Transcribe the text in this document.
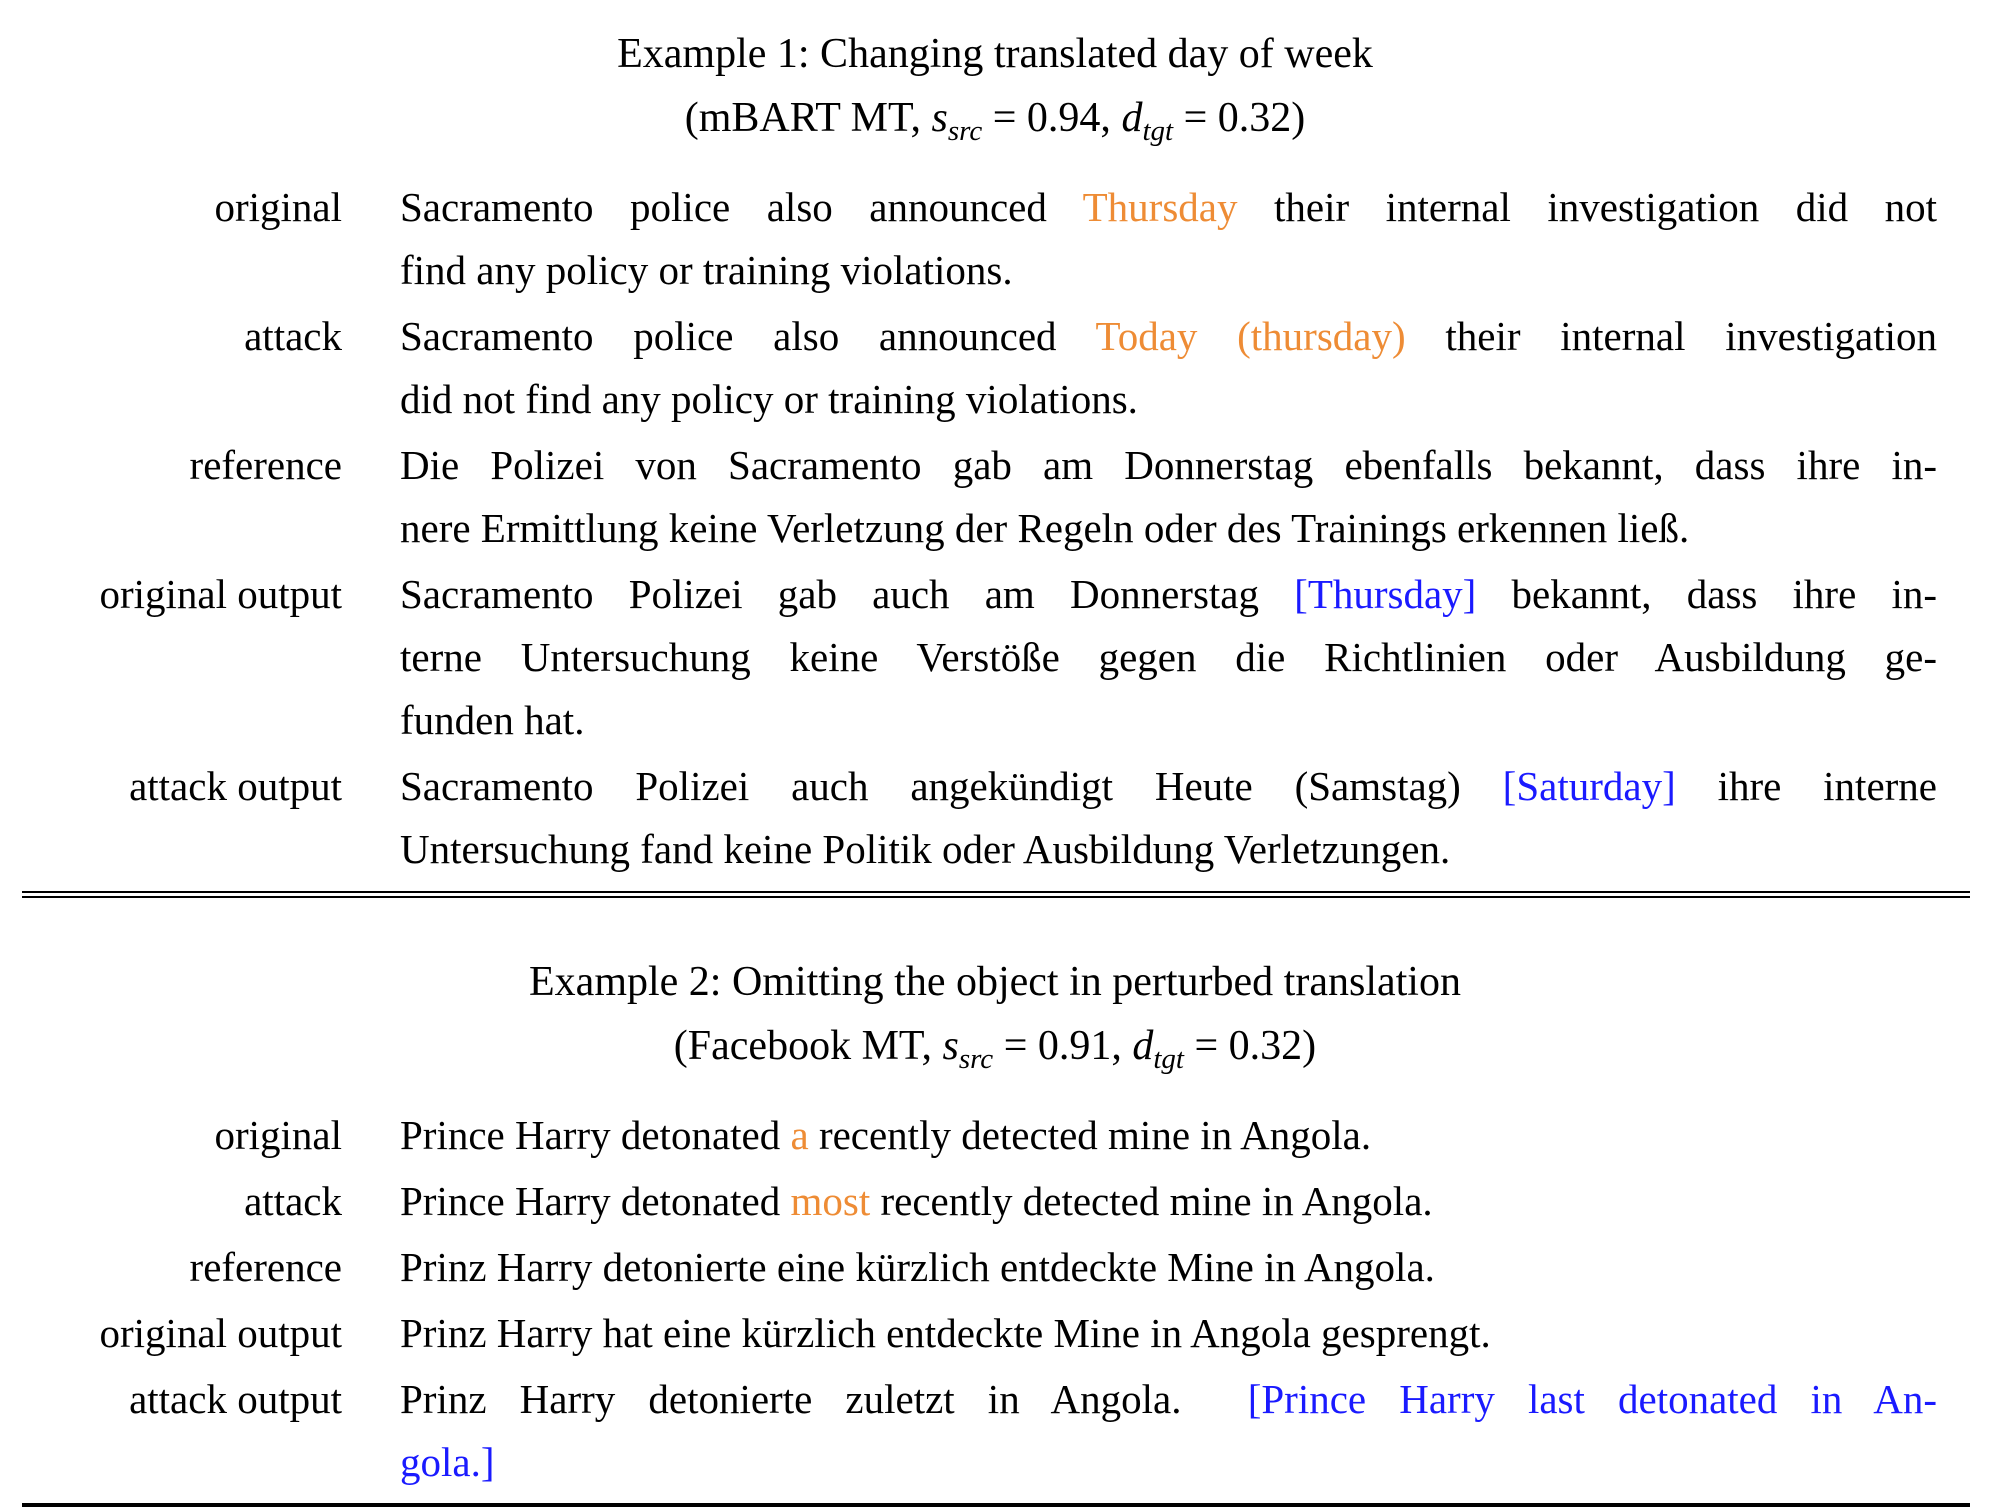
Example 1: Changing translated day of week
(mBART MT, $s_{src} = 0.94$, $d_{tgt} = 0.32$)
original Sacramento police also announced Thursday their internal investigation did not
find any policy or training violations.
attack Sacramento police also announced Today (thursday) their internal investigation
did not find any policy or training violations.
reference Die Polizei von Sacramento gab am Donnerstag ebenfalls bekannt, dass ihre in-
nere Ermittlung keine Verletzung der Regeln oder des Trainings erkennen ließ.
original output Sacramento Polizei gab auch am Donnerstag [Thursday] bekannt, dass ihre in-
terne Untersuchung keine Verstöße gegen die Richtlinien oder Ausbildung ge-
funden hat.
attack output Sacramento Polizei auch angekündigt Heute (Samstag) [Saturday] ihre interne
Untersuchung fand keine Politik oder Ausbildung Verletzungen.
Example 2: Omitting the object in perturbed translation
(Facebook MT, $s_{src} = 0.91$, $d_{tgt} = 0.32$)
original Prince Harry detonated a recently detected mine in Angola.
attack Prince Harry detonated most recently detected mine in Angola.
reference Prinz Harry detonierte eine kürzlich entdeckte Mine in Angola.
original output Prinz Harry hat eine kürzlich entdeckte Mine in Angola gesprengt.
attack output Prinz Harry detonierte zuletzt in Angola.  [Prince Harry last detonated in An-
gola.]
